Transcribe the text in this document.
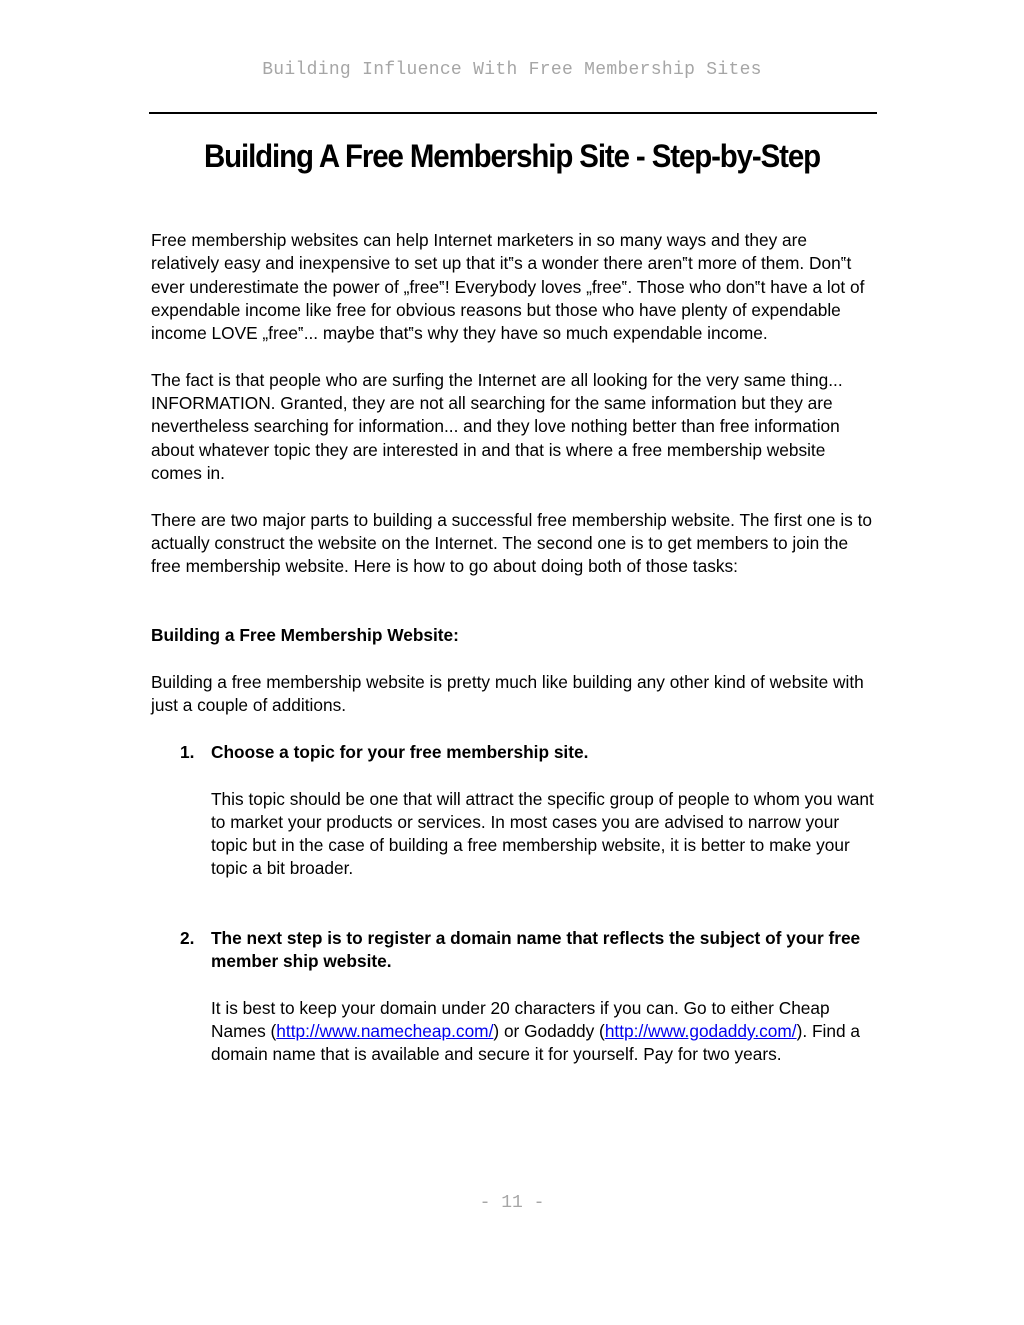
Building Influence With Free Membership Sites
Building A Free Membership Site - Step-by-Step

Free membership websites can help Internet marketers in so many ways and they are relatively easy and inexpensive to set up that it‟s a wonder there aren‟t more of them. Don‟t ever underestimate the power of „free‟! Everybody loves „free‟. Those who don‟t have a lot of expendable income like free for obvious reasons but those who have plenty of expendable income LOVE „free‟... maybe that‟s why they have so much expendable income.

The fact is that people who are surfing the Internet are all looking for the very same thing... INFORMATION. Granted, they are not all searching for the same information but they are nevertheless searching for information... and they love nothing better than free information about whatever topic they are interested in and that is where a free membership website comes in.

There are two major parts to building a successful free membership website. The first one is to actually construct the website on the Internet. The second one is to get members to join the free membership website. Here is how to go about doing both of those tasks:

Building a Free Membership Website:

Building a free membership website is pretty much like building any other kind of website with just a couple of additions.

1. Choose a topic for your free membership site.

This topic should be one that will attract the specific group of people to whom you want to market your products or services. In most cases you are advised to narrow your topic but in the case of building a free membership website, it is better to make your topic a bit broader.

2. The next step is to register a domain name that reflects the subject of your free member ship website.

It is best to keep your domain under 20 characters if you can. Go to either Cheap Names (http://www.namecheap.com/) or Godaddy (http://www.godaddy.com/). Find a domain name that is available and secure it for yourself. Pay for two years.

- 11 -
